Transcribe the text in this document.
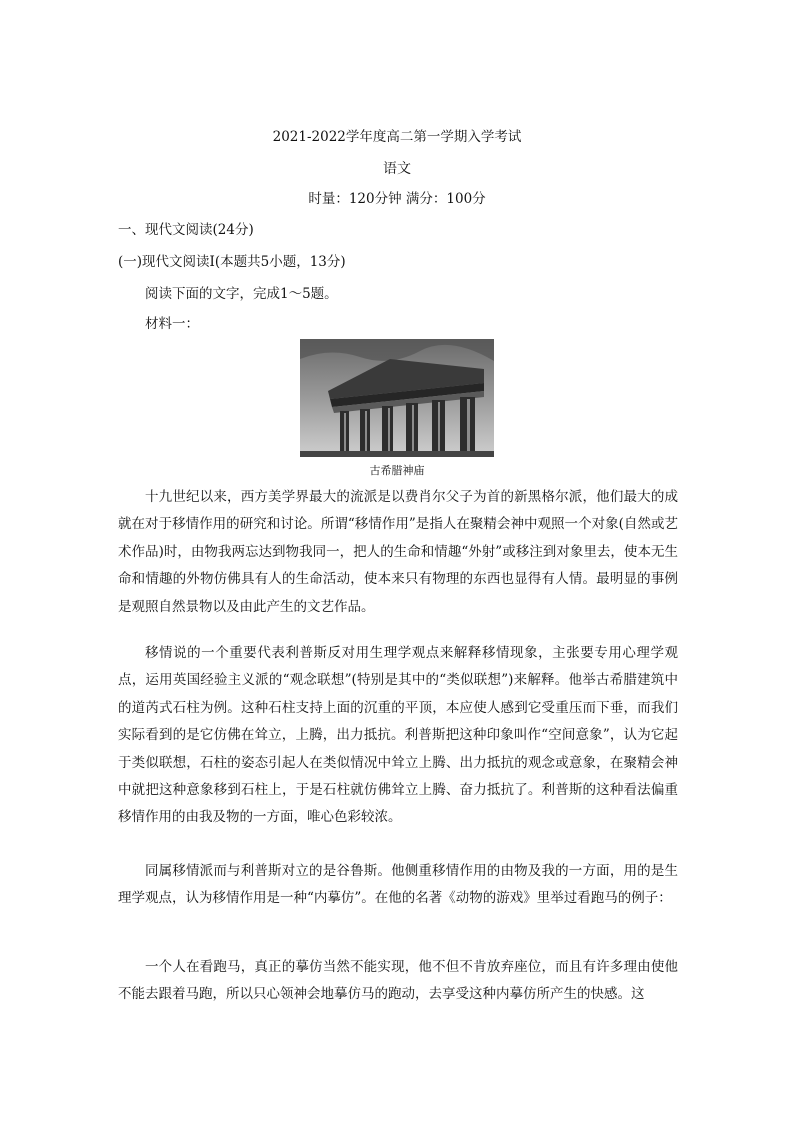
2021-2022学年度高二第一学期入学考试
语文
时量：120分钟 满分：100分
一、现代文阅读(24分)
(一)现代文阅读Ⅰ(本题共5小题，13分)
阅读下面的文字，完成1～5题。
材料一：
古希腊神庙

十九世纪以来，西方美学界最大的流派是以费肖尔父子为首的新黑格尔派，他们最大的成就在对于移情作用的研究和讨论。所谓“移情作用”是指人在聚精会神中观照一个对象(自然或艺术作品)时，由物我两忘达到物我同一，把人的生命和情趣“外射”或移注到对象里去，使本无生命和情趣的外物仿佛具有人的生命活动，使本来只有物理的东西也显得有人情。最明显的事例是观照自然景物以及由此产生的文艺作品。

移情说的一个重要代表利普斯反对用生理学观点来解释移情现象，主张要专用心理学观点，运用英国经验主义派的“观念联想”(特别是其中的“类似联想”)来解释。他举古希腊建筑中的道芮式石柱为例。这种石柱支持上面的沉重的平顶，本应使人感到它受重压而下垂，而我们实际看到的是它仿佛在耸立，上腾，出力抵抗。利普斯把这种印象叫作“空间意象”，认为它起于类似联想，石柱的姿态引起人在类似情况中耸立上腾、出力抵抗的观念或意象，在聚精会神中就把这种意象移到石柱上，于是石柱就仿佛耸立上腾、奋力抵抗了。利普斯的这种看法偏重移情作用的由我及物的一方面，唯心色彩较浓。

同属移情派而与利普斯对立的是谷鲁斯。他侧重移情作用的由物及我的一方面，用的是生理学观点，认为移情作用是一种“内摹仿”。在他的名著《动物的游戏》里举过看跑马的例子：

一个人在看跑马，真正的摹仿当然不能实现，他不但不肯放弃座位，而且有许多理由使他不能去跟着马跑，所以只心领神会地摹仿马的跑动，去享受这种内摹仿所产生的快感。这
